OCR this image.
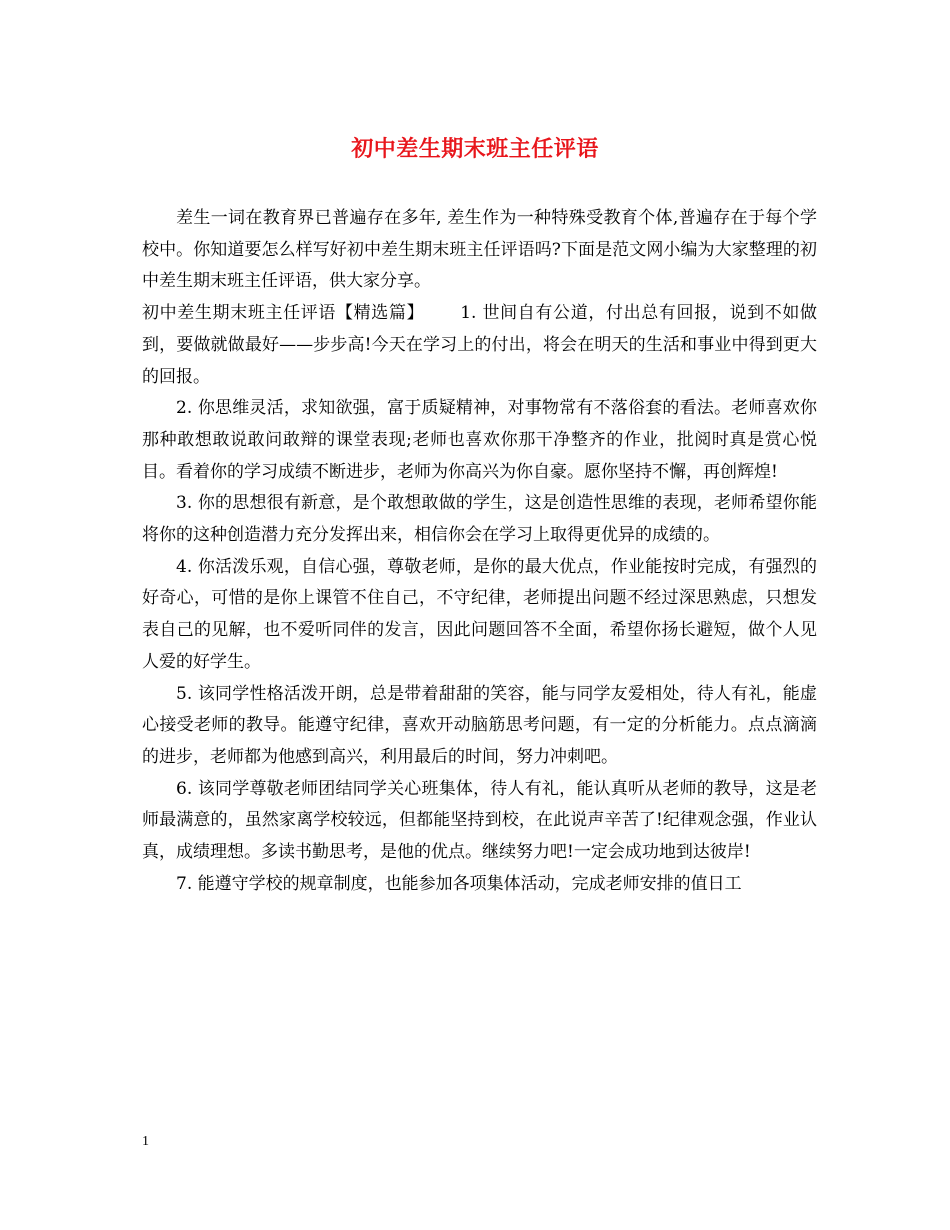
初中差生期末班主任评语

差生一词在教育界已普遍存在多年, 差生作为一种特殊受教育个体,普遍存在于每个学校中。你知道要怎么样写好初中差生期末班主任评语吗?下面是范文网小编为大家整理的初中差生期末班主任评语，供大家分享。

初中差生期末班主任评语【精选篇】 1. 世间自有公道，付出总有回报，说到不如做到，要做就做最好——步步高!今天在学习上的付出，将会在明天的生活和事业中得到更大的回报。

2. 你思维灵活，求知欲强，富于质疑精神，对事物常有不落俗套的看法。老师喜欢你那种敢想敢说敢问敢辩的课堂表现;老师也喜欢你那干净整齐的作业，批阅时真是赏心悦目。看着你的学习成绩不断进步，老师为你高兴为你自豪。愿你坚持不懈，再创辉煌!

3. 你的思想很有新意，是个敢想敢做的学生，这是创造性思维的表现，老师希望你能将你的这种创造潜力充分发挥出来，相信你会在学习上取得更优异的成绩的。

4. 你活泼乐观，自信心强，尊敬老师，是你的最大优点，作业能按时完成，有强烈的好奇心，可惜的是你上课管不住自己，不守纪律，老师提出问题不经过深思熟虑，只想发表自己的见解，也不爱听同伴的发言，因此问题回答不全面，希望你扬长避短，做个人见人爱的好学生。

5. 该同学性格活泼开朗，总是带着甜甜的笑容，能与同学友爱相处，待人有礼，能虚心接受老师的教导。能遵守纪律，喜欢开动脑筋思考问题，有一定的分析能力。点点滴滴的进步，老师都为他感到高兴，利用最后的时间，努力冲刺吧。

6. 该同学尊敬老师团结同学关心班集体，待人有礼，能认真听从老师的教导，这是老师最满意的，虽然家离学校较远，但都能坚持到校，在此说声辛苦了!纪律观念强，作业认真，成绩理想。多读书勤思考，是他的优点。继续努力吧!一定会成功地到达彼岸!

7. 能遵守学校的规章制度，也能参加各项集体活动，完成老师安排的值日工

1
